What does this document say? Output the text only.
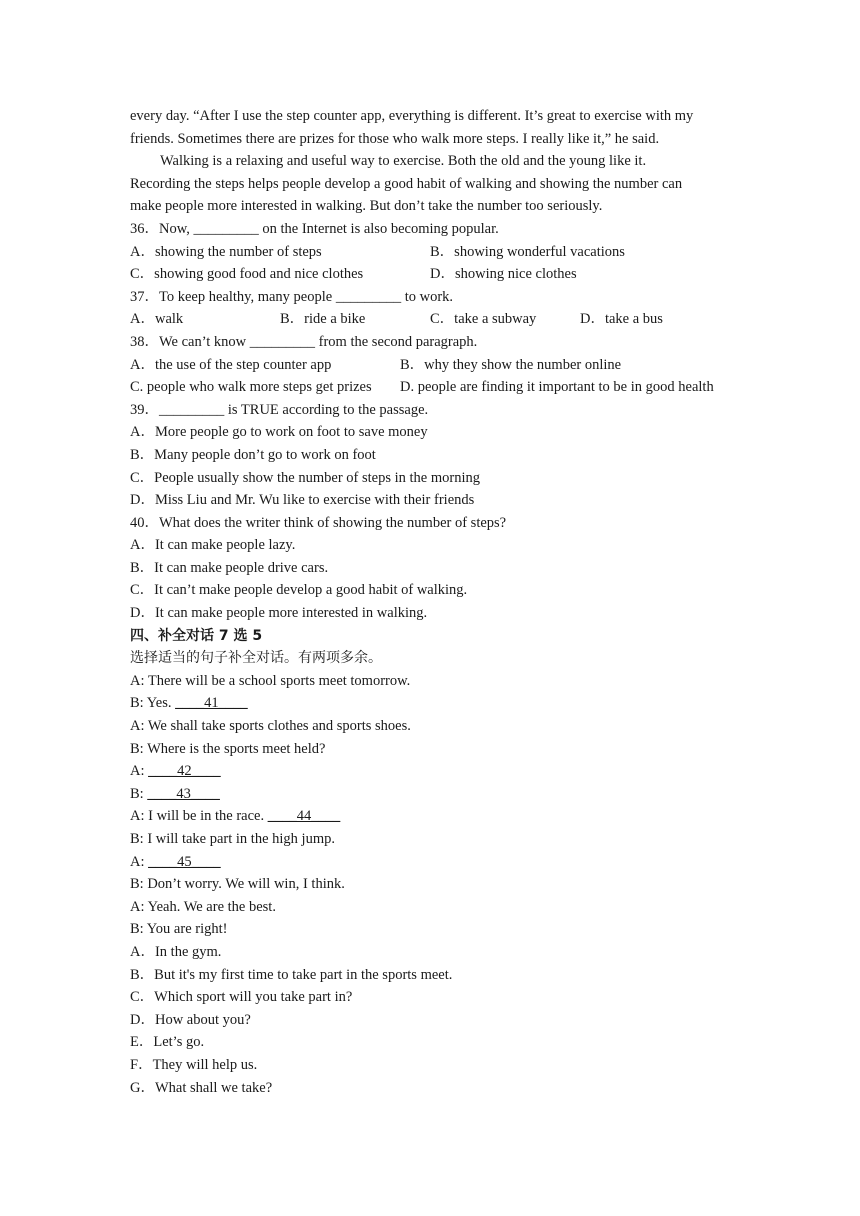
every day. “After I use the step counter app, everything is different. It’s great to exercise with my
friends. Sometimes there are prizes for those who walk more steps. I really like it,” he said.
Walking is a relaxing and useful way to exercise. Both the old and the young like it.
Recording the steps helps people develop a good habit of walking and showing the number can
make people more interested in walking. But don’t take the number too seriously.
36．Now, _________ on the Internet is also becoming popular.
A．showing the number of steps	B．showing wonderful vacations
C．showing good food and nice clothes	D．showing nice clothes
37．To keep healthy, many people _________ to work.
A．walk	B．ride a bike	C．take a subway	D．take a bus
38．We can’t know _________ from the second paragraph.
A．the use of the step counter app	B．why they show the number online
C. people who walk more steps get prizes	D. people are finding it important to be in good health
39．_________ is TRUE according to the passage.
A．More people go to work on foot to save money
B．Many people don’t go to work on foot
C．People usually show the number of steps in the morning
D．Miss Liu and Mr. Wu like to exercise with their friends
40．What does the writer think of showing the number of steps?
A．It can make people lazy.
B．It can make people drive cars.
C．It can’t make people develop a good habit of walking.
D．It can make people more interested in walking.
四、补全对话 7 选 5
选择适当的句子补全对话。有两项多余。
A: There will be a school sports meet tomorrow.
B: Yes. ____41____
A: We shall take sports clothes and sports shoes.
B: Where is the sports meet held?
A: ____42____
B: ____43____
A: I will be in the race. ____44____
B: I will take part in the high jump.
A: ____45____
B: Don’t worry. We will win, I think.
A: Yeah. We are the best.
B: You are right!
A．In the gym.
B．But it's my first time to take part in the sports meet.
C．Which sport will you take part in?
D．How about you?
E．Let’s go.
F．They will help us.
G．What shall we take?
